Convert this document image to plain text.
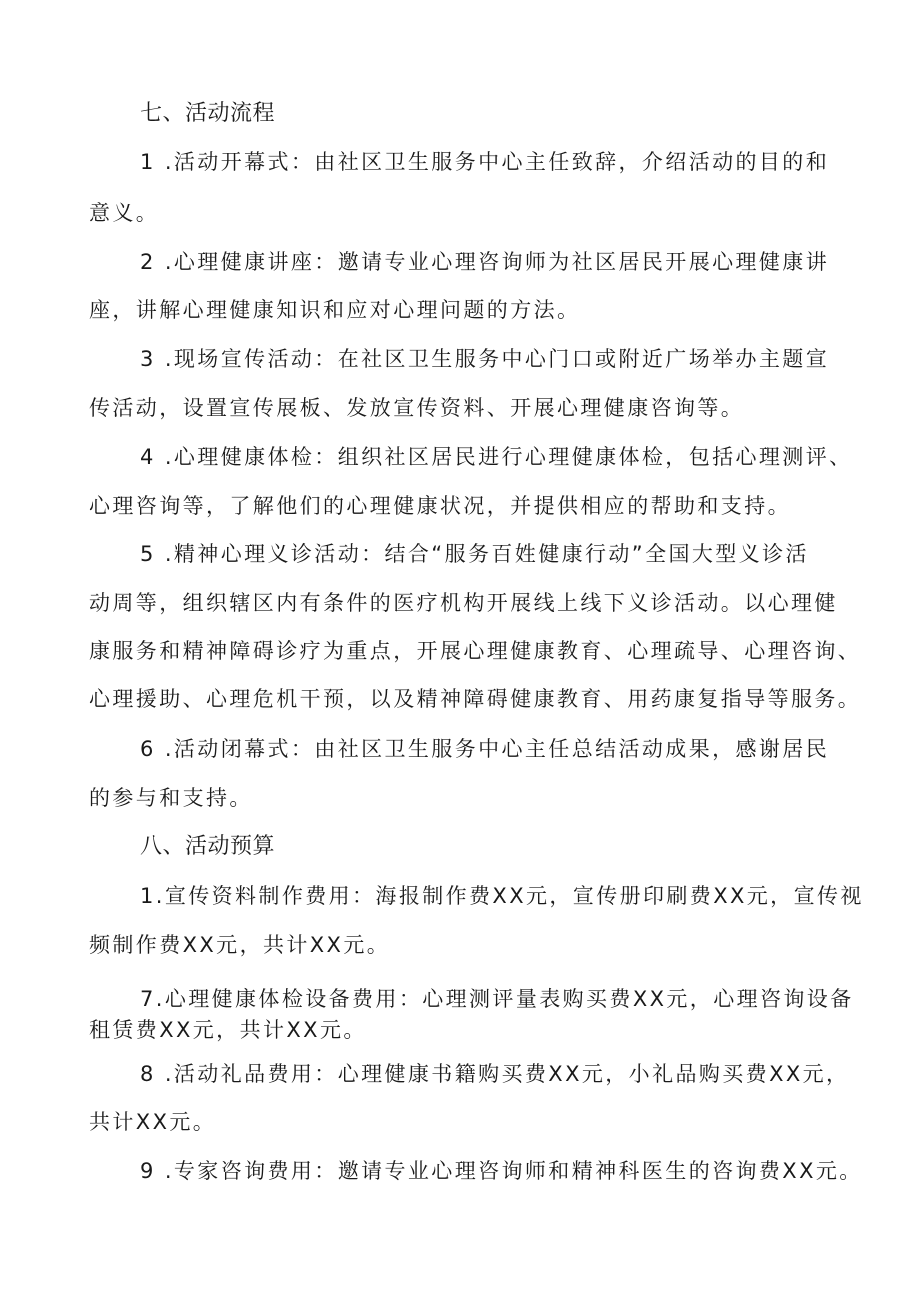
七、活动流程
1 .活动开幕式：由社区卫生服务中心主任致辞，介绍活动的目的和
意义。
2 .心理健康讲座：邀请专业心理咨询师为社区居民开展心理健康讲
座，讲解心理健康知识和应对心理问题的方法。
3 .现场宣传活动：在社区卫生服务中心门口或附近广场举办主题宣
传活动，设置宣传展板、发放宣传资料、开展心理健康咨询等。
4 .心理健康体检：组织社区居民进行心理健康体检，包括心理测评、
心理咨询等，了解他们的心理健康状况，并提供相应的帮助和支持。
5 .精神心理义诊活动：结合“服务百姓健康行动”全国大型义诊活
动周等，组织辖区内有条件的医疗机构开展线上线下义诊活动。以心理健
康服务和精神障碍诊疗为重点，开展心理健康教育、心理疏导、心理咨询、
心理援助、心理危机干预，以及精神障碍健康教育、用药康复指导等服务。
6 .活动闭幕式：由社区卫生服务中心主任总结活动成果，感谢居民
的参与和支持。
八、活动预算
1.宣传资料制作费用：海报制作费XX元，宣传册印刷费XX元，宣传视
频制作费XX元，共计XX元。
7.心理健康体检设备费用：心理测评量表购买费XX元，心理咨询设备
租赁费XX元，共计XX元。
8 .活动礼品费用：心理健康书籍购买费XX元，小礼品购买费XX元，
共计XX元。
9 .专家咨询费用：邀请专业心理咨询师和精神科医生的咨询费XX元。
